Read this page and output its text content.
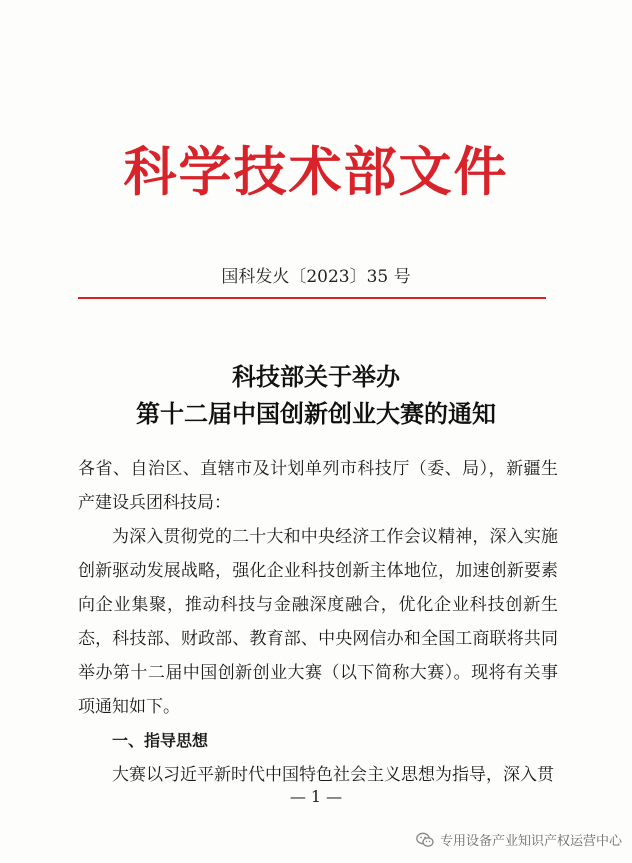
科学技术部文件
国科发火〔2023〕35 号
科技部关于举办
第十二届中国创新创业大赛的通知

各省、自治区、直辖市及计划单列市科技厅（委、局），新疆生产建设兵团科技局：

为深入贯彻党的二十大和中央经济工作会议精神，深入实施创新驱动发展战略，强化企业科技创新主体地位，加速创新要素向企业集聚，推动科技与金融深度融合，优化企业科技创新生态，科技部、财政部、教育部、中央网信办和全国工商联将共同举办第十二届中国创新创业大赛（以下简称大赛）。现将有关事项通知如下。

一、指导思想

大赛以习近平新时代中国特色社会主义思想为指导，深入贯

— 1 —
专用设备产业知识产权运营中心
